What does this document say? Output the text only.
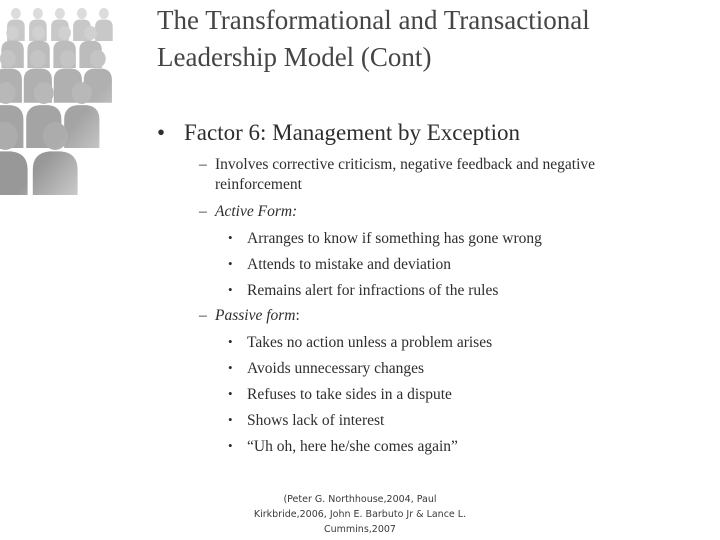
The Transformational and Transactional
Leadership Model (Cont)
• Factor 6: Management by Exception
– Involves corrective criticism, negative feedback and negative reinforcement
– Active Form:
• Arranges to know if something has gone wrong
• Attends to mistake and deviation
• Remains alert for infractions of the rules
– Passive form:
• Takes no action unless a problem arises
• Avoids unnecessary changes
• Refuses to take sides in a dispute
• Shows lack of interest
• “Uh oh, here he/she comes again”
(Peter G. Northhouse,2004, Paul
Kirkbride,2006, John E. Barbuto Jr & Lance L.
Cummins,2007
